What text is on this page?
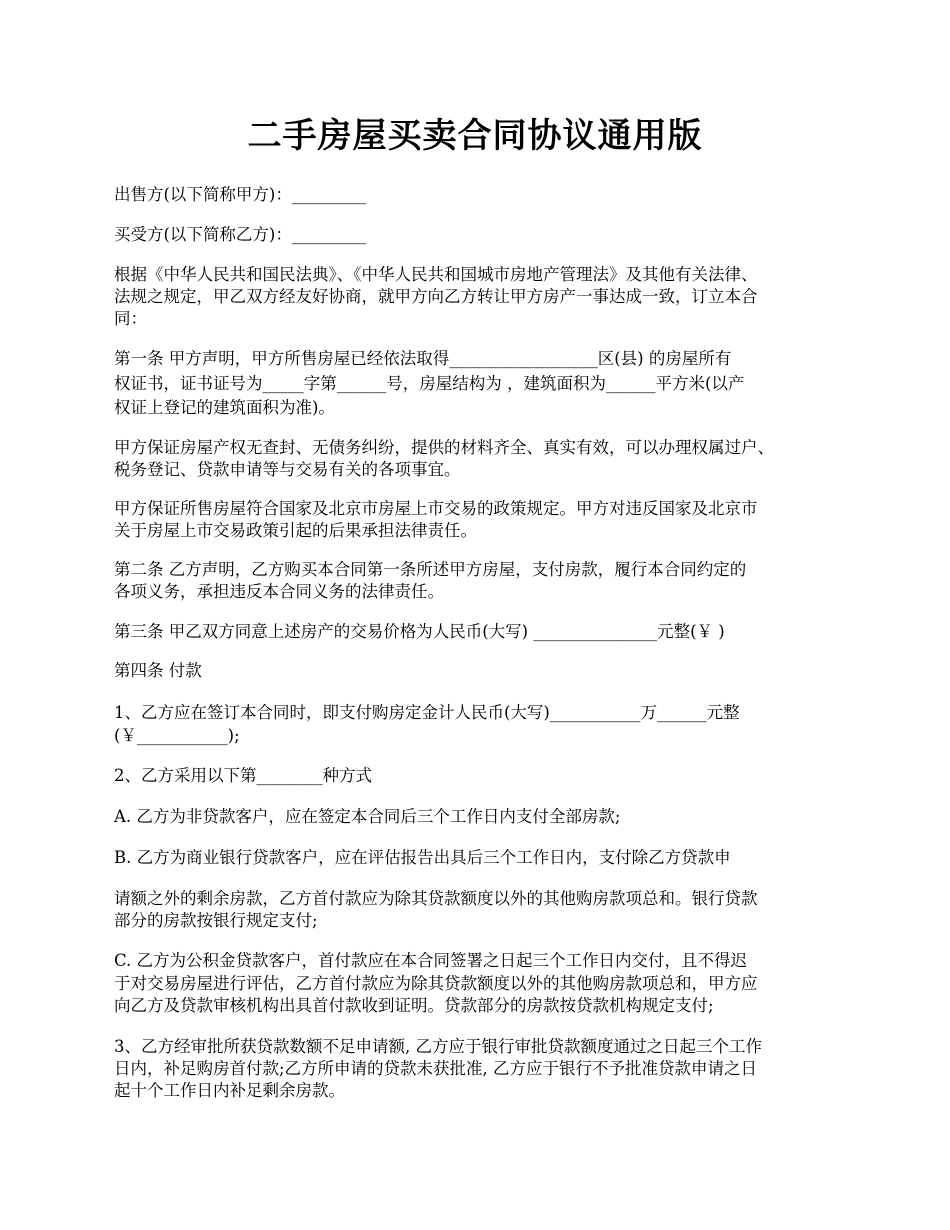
二手房屋买卖合同协议通用版
出售方(以下简称甲方)：_________
买受方(以下简称乙方)：_________
根据《中华人民共和国民法典》、《中华人民共和国城市房地产管理法》及其他有关法律、
法规之规定，甲乙双方经友好协商，就甲方向乙方转让甲方房产一事达成一致，订立本合
同：
第一条 甲方声明，甲方所售房屋已经依法取得__________________区(县) 的房屋所有
权证书，证书证号为_____字第______号，房屋结构为 ，建筑面积为______平方米(以产
权证上登记的建筑面积为准)。
甲方保证房屋产权无查封、无债务纠纷，提供的材料齐全、真实有效，可以办理权属过户、
税务登记、贷款申请等与交易有关的各项事宜。
甲方保证所售房屋符合国家及北京市房屋上市交易的政策规定。甲方对违反国家及北京市
关于房屋上市交易政策引起的后果承担法律责任。
第二条 乙方声明，乙方购买本合同第一条所述甲方房屋，支付房款，履行本合同约定的
各项义务，承担违反本合同义务的法律责任。
第三条 甲乙双方同意上述房产的交易价格为人民币(大写) _______________元整(￥ )
第四条 付款
1、乙方应在签订本合同时，即支付购房定金计人民币(大写)___________万______元整
(￥___________);
2、乙方采用以下第________种方式
A. 乙方为非贷款客户，应在签定本合同后三个工作日内支付全部房款;
B. 乙方为商业银行贷款客户，应在评估报告出具后三个工作日内，支付除乙方贷款申
请额之外的剩余房款，乙方首付款应为除其贷款额度以外的其他购房款项总和。银行贷款
部分的房款按银行规定支付;
C. 乙方为公积金贷款客户，首付款应在本合同签署之日起三个工作日内交付，且不得迟
于对交易房屋进行评估，乙方首付款应为除其贷款额度以外的其他购房款项总和，甲方应
向乙方及贷款审核机构出具首付款收到证明。贷款部分的房款按贷款机构规定支付;
3、乙方经审批所获贷款数额不足申请额, 乙方应于银行审批贷款额度通过之日起三个工作
日内，补足购房首付款;乙方所申请的贷款未获批准, 乙方应于银行不予批准贷款申请之日
起十个工作日内补足剩余房款。
